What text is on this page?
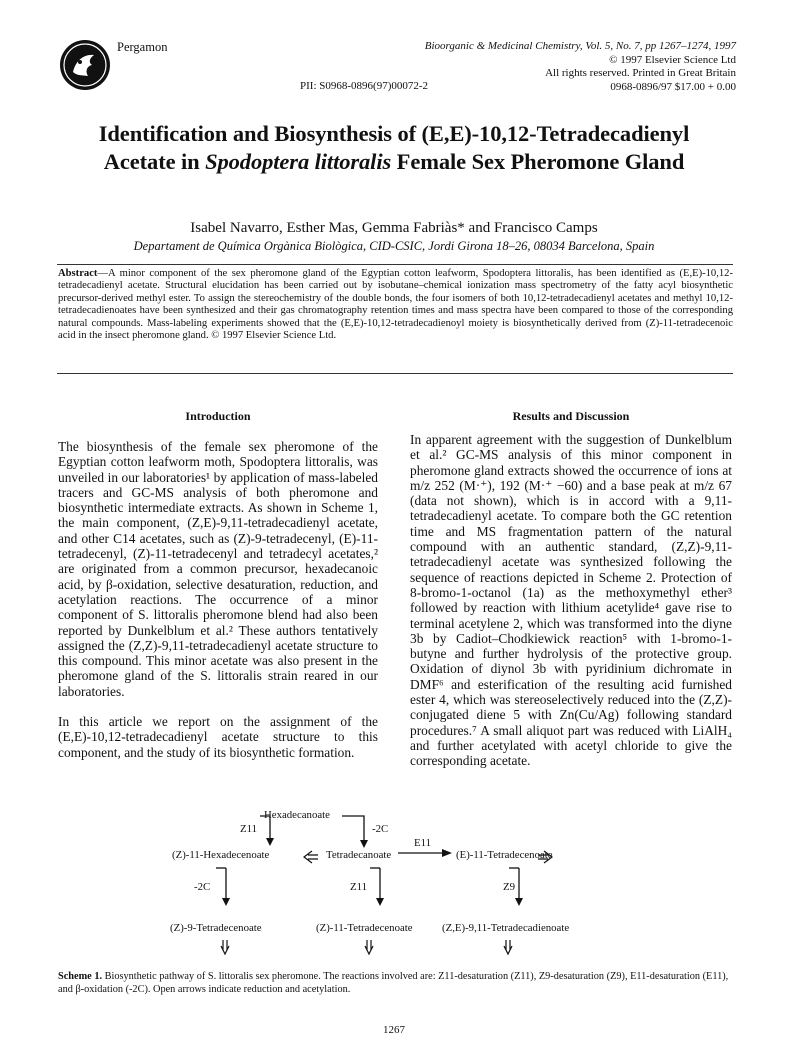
Pergamon	Bioorganic & Medicinal Chemistry, Vol. 5, No. 7, pp 1267–1274, 1997
© 1997 Elsevier Science Ltd
All rights reserved. Printed in Great Britain
0968-0896/97 $17.00 + 0.00
PII: S0968-0896(97)00072-2
Identification and Biosynthesis of (E,E)-10,12-Tetradecadienyl
Acetate in Spodoptera littoralis Female Sex Pheromone Gland
Isabel Navarro, Esther Mas, Gemma Fabriàs* and Francisco Camps
Departament de Química Orgànica Biològica, CID-CSIC, Jordi Girona 18–26, 08034 Barcelona, Spain
Abstract—A minor component of the sex pheromone gland of the Egyptian cotton leafworm, Spodoptera littoralis, has been identified as (E,E)-10,12-tetradecadienyl acetate. Structural elucidation has been carried out by isobutane–chemical ionization mass spectrometry of the fatty acyl biosynthetic precursor-derived methyl ester. To assign the stereochemistry of the double bonds, the four isomers of both 10,12-tetradecadienyl acetates and methyl 10,12-tetradecadienoates have been synthesized and their gas chromatography retention times and mass spectra have been compared to those of the corresponding natural compounds. Mass-labeling experiments showed that the (E,E)-10,12-tetradecadienoyl moiety is biosynthetically derived from (Z)-11-tetradecenoic acid in the insect pheromone gland. © 1997 Elsevier Science Ltd.
Introduction

The biosynthesis of the female sex pheromone of the Egyptian cotton leafworm moth, Spodoptera littoralis, was unveiled in our laboratories¹ by application of mass-labeled tracers and GC-MS analysis of both pheromone and biosynthetic intermediate extracts. As shown in Scheme 1, the main component, (Z,E)-9,11-tetradecadienyl acetate, and other C14 acetates, such as (Z)-9-tetradecenyl, (E)-11-tetradecenyl, (Z)-11-tetradecenyl and tetradecyl acetates,² are originated from a common precursor, hexadecanoic acid, by β-oxidation, selective desaturation, reduction, and acetylation reactions. The occurrence of a minor component of S. littoralis pheromone blend had also been reported by Dunkelblum et al.² These authors tentatively assigned the (Z,Z)-9,11-tetradecadienyl acetate structure to this compound. This minor acetate was also present in the pheromone gland of the S. littoralis strain reared in our laboratories.

In this article we report on the assignment of the (E,E)-10,12-tetradecadienyl acetate structure to this component, and the study of its biosynthetic formation.

Results and Discussion

In apparent agreement with the suggestion of Dunkelblum et al.² GC-MS analysis of this minor component in pheromone gland extracts showed the occurrence of ions at m/z 252 (M·⁺), 192 (M·⁺ −60) and a base peak at m/z 67 (data not shown), which is in accord with a 9,11-tetradecadienyl acetate. To compare both the GC retention time and MS fragmentation pattern of the natural compound with an authentic standard, (Z,Z)-9,11-tetradecadienyl acetate was synthesized following the sequence of reactions depicted in Scheme 2. Protection of 8-bromo-1-octanol (1a) as the methoxymethyl ether³ followed by reaction with lithium acetylide⁴ gave rise to terminal acetylene 2, which was transformed into the diyne 3b by Cadiot–Chodkiewick reaction⁵ with 1-bromo-1-butyne and further hydrolysis of the protective group. Oxidation of diynol 3b with pyridinium dichromate in DMF⁶ and esterification of the resulting acid furnished ester 4, which was stereoselectively reduced into the (Z,Z)-conjugated diene 5 with Zn(Cu/Ag) following standard procedures.⁷ A small aliquot part was reduced with LiAlH₄ and further acetylated with acetyl chloride to give the corresponding acetate.

Hexadecanoate
Z11	-2C
(Z)-11-Hexadecenoate	Tetradecanoate
E11
(E)-11-Tetradecenoate
-2C	Z11	Z9
(Z)-9-Tetradecenoate	(Z)-11-Tetradecenoate	(Z,E)-9,11-Tetradecadienoate
Scheme 1. Biosynthetic pathway of S. littoralis sex pheromone. The reactions involved are: Z11-desaturation (Z11), Z9-desaturation (Z9), E11-desaturation (E11), and β-oxidation (-2C). Open arrows indicate reduction and acetylation.
1267
